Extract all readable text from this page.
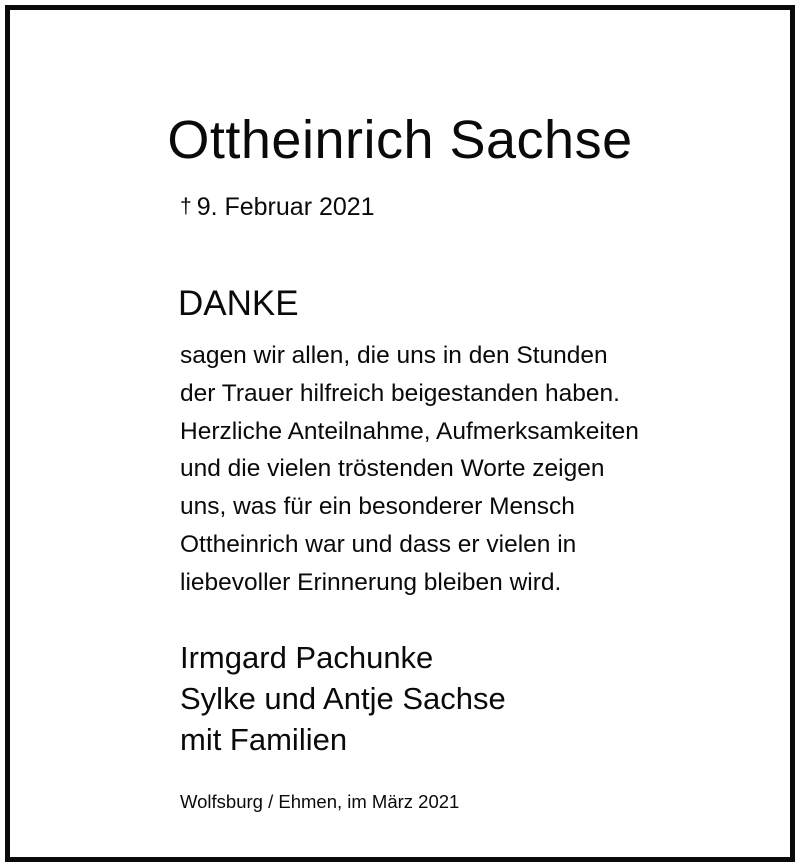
Ottheinrich Sachse
† 9. Februar 2021
DANKE
sagen wir allen, die uns in den Stunden
der Trauer hilfreich beigestanden haben.
Herzliche Anteilnahme, Aufmerksamkeiten
und die vielen tröstenden Worte zeigen
uns, was für ein besonderer Mensch
Ottheinrich war und dass er vielen in
liebevoller Erinnerung bleiben wird.
Irmgard Pachunke
Sylke und Antje Sachse
mit Familien
Wolfsburg / Ehmen, im März 2021
